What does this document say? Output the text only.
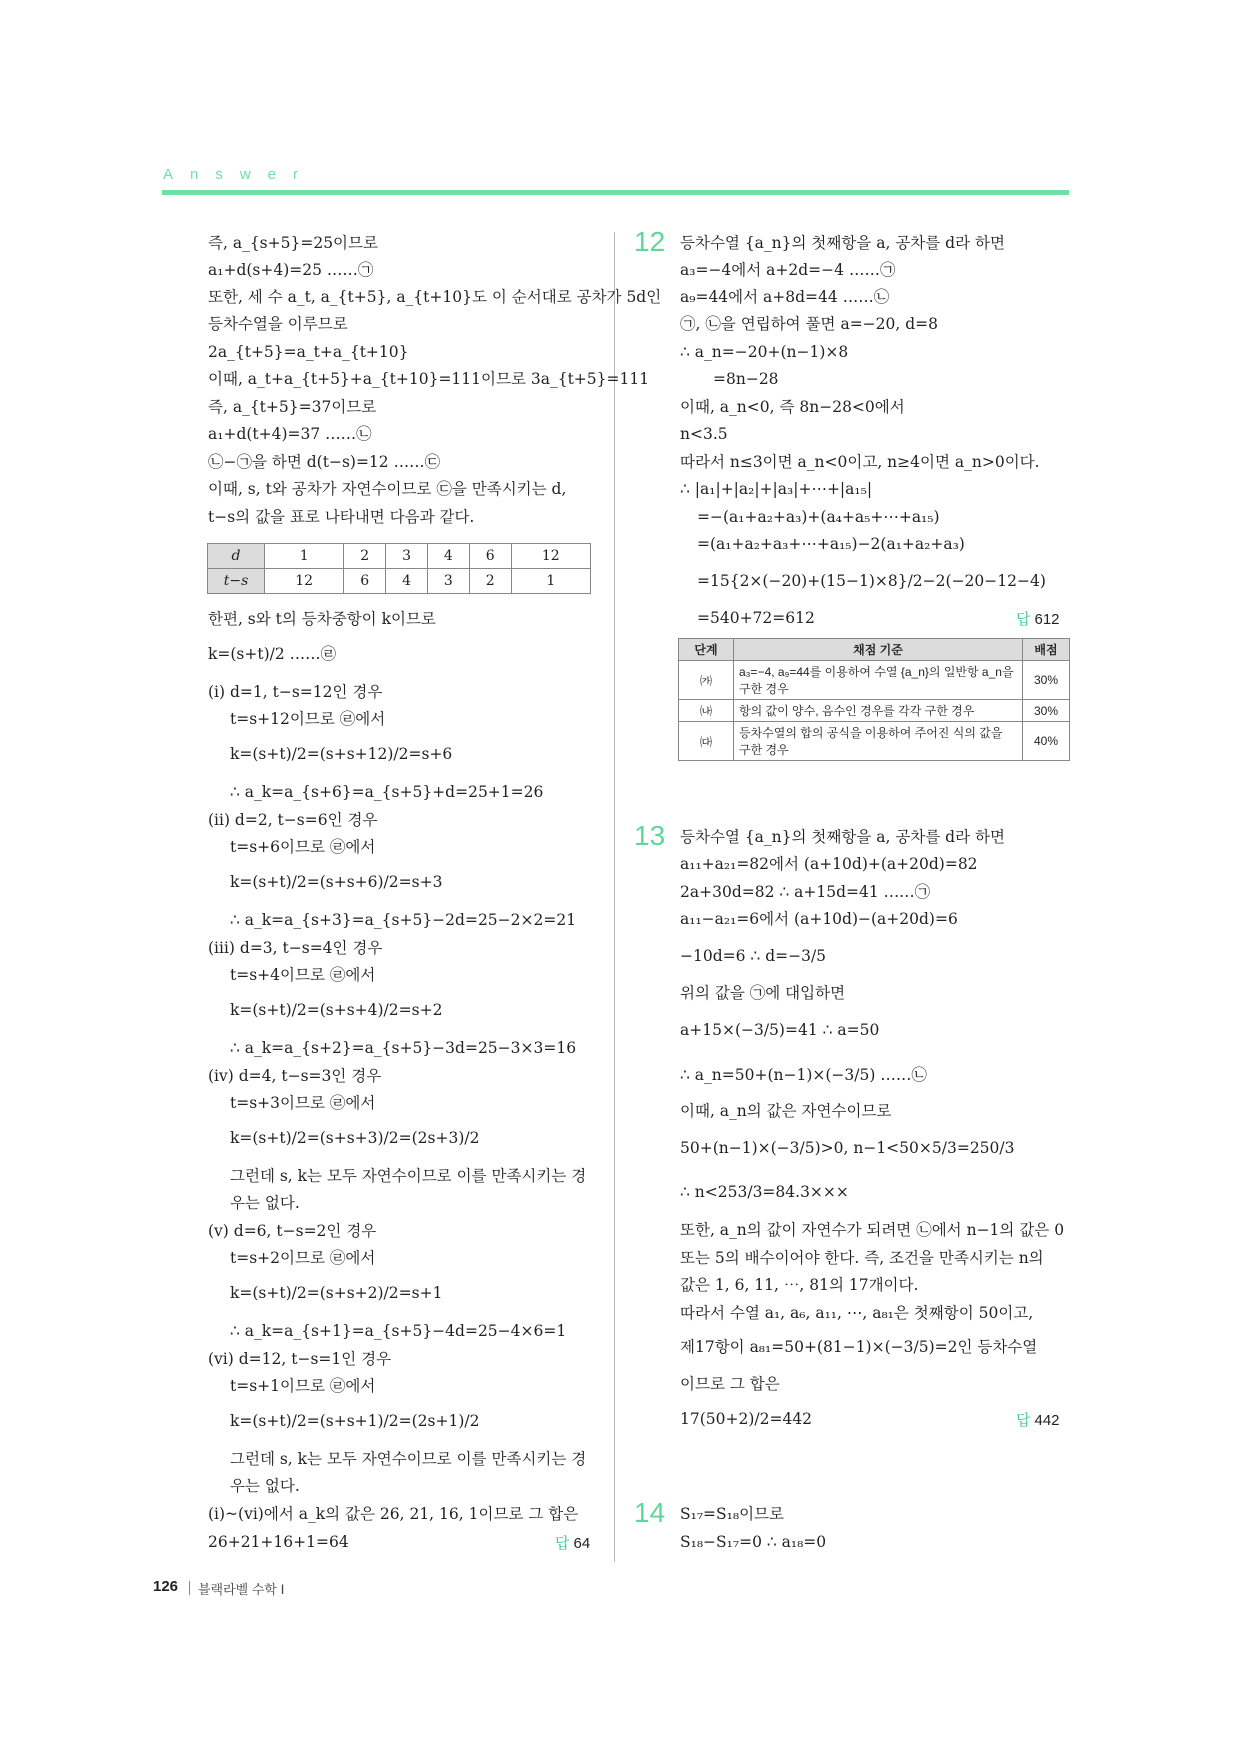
Answer
즉, a_{s+5}=25이므로
a₁+d(s+4)=25 ……㉠
또한, 세 수 a_t, a_{t+5}, a_{t+10}도 이 순서대로 공차가 5d인
등차수열을 이루므로
2a_{t+5}=a_t+a_{t+10}
이때, a_t+a_{t+5}+a_{t+10}=111이므로 3a_{t+5}=111
즉, a_{t+5}=37이므로
a₁+d(t+4)=37 ……㉡
㉡−㉠을 하면 d(t−s)=12 ……㉢
이때, s, t와 공차가 자연수이므로 ㉢을 만족시키는 d,
t−s의 값을 표로 나타내면 다음과 같다.
d	1	2	3	4	6	12
t−s	12	6	4	3	2	1
한편, s와 t의 등차중항이 k이므로
k=(s+t)/2 ……㉣
(ⅰ) d=1, t−s=12인 경우
t=s+12이므로 ㉣에서
k=(s+t)/2=(s+s+12)/2=s+6
∴ a_k=a_{s+6}=a_{s+5}+d=25+1=26
(ⅱ) d=2, t−s=6인 경우
t=s+6이므로 ㉣에서
k=(s+t)/2=(s+s+6)/2=s+3
∴ a_k=a_{s+3}=a_{s+5}−2d=25−2×2=21
(ⅲ) d=3, t−s=4인 경우
t=s+4이므로 ㉣에서
k=(s+t)/2=(s+s+4)/2=s+2
∴ a_k=a_{s+2}=a_{s+5}−3d=25−3×3=16
(ⅳ) d=4, t−s=3인 경우
t=s+3이므로 ㉣에서
k=(s+t)/2=(s+s+3)/2=(2s+3)/2
그런데 s, k는 모두 자연수이므로 이를 만족시키는 경
우는 없다.
(ⅴ) d=6, t−s=2인 경우
t=s+2이므로 ㉣에서
k=(s+t)/2=(s+s+2)/2=s+1
∴ a_k=a_{s+1}=a_{s+5}−4d=25−4×6=1
(ⅵ) d=12, t−s=1인 경우
t=s+1이므로 ㉣에서
k=(s+t)/2=(s+s+1)/2=(2s+1)/2
그런데 s, k는 모두 자연수이므로 이를 만족시키는 경
우는 없다.
(ⅰ)~(ⅵ)에서 a_k의 값은 26, 21, 16, 1이므로 그 합은
26+21+16+1=64	답 64
12 등차수열 {a_n}의 첫째항을 a, 공차를 d라 하면
a₃=−4에서 a+2d=−4 ……㉠
a₉=44에서 a+8d=44 ……㉡
㉠, ㉡을 연립하여 풀면 a=−20, d=8
∴ a_n=−20+(n−1)×8
=8n−28
이때, a_n<0, 즉 8n−28<0에서
n<3.5
따라서 n≤3이면 a_n<0이고, n≥4이면 a_n>0이다.
∴ |a₁|+|a₂|+|a₃|+⋯+|a₁₅|
=−(a₁+a₂+a₃)+(a₄+a₅+⋯+a₁₅)
=(a₁+a₂+a₃+⋯+a₁₅)−2(a₁+a₂+a₃)
=15{2×(−20)+(15−1)×8}/2−2(−20−12−4)
=540+72=612	답 612
단계	채점 기준	배점
㈎	a₃=−4, a₉=44를 이용하여 수열 {a_n}의 일반항 a_n을 구한 경우	30%
㈏	항의 값이 양수, 음수인 경우를 각각 구한 경우	30%
㈐	등차수열의 합의 공식을 이용하여 주어진 식의 값을 구한 경우	40%
13 등차수열 {a_n}의 첫째항을 a, 공차를 d라 하면
a₁₁+a₂₁=82에서 (a+10d)+(a+20d)=82
2a+30d=82 ∴ a+15d=41 ……㉠
a₁₁−a₂₁=6에서 (a+10d)−(a+20d)=6
−10d=6 ∴ d=−3/5
위의 값을 ㉠에 대입하면
a+15×(−3/5)=41 ∴ a=50
∴ a_n=50+(n−1)×(−3/5) ……㉡
이때, a_n의 값은 자연수이므로
50+(n−1)×(−3/5)>0, n−1<50×5/3=250/3
∴ n<253/3=84.3×××
또한, a_n의 값이 자연수가 되려면 ㉡에서 n−1의 값은 0
또는 5의 배수이어야 한다. 즉, 조건을 만족시키는 n의
값은 1, 6, 11, ⋯, 81의 17개이다.
따라서 수열 a₁, a₆, a₁₁, ⋯, a₈₁은 첫째항이 50이고,
제17항이 a₈₁=50+(81−1)×(−3/5)=2인 등차수열
이므로 그 합은
17(50+2)/2=442	답 442
14 S₁₇=S₁₈이므로
S₁₈−S₁₇=0 ∴ a₁₈=0
126 블랙라벨 수학 Ⅰ
